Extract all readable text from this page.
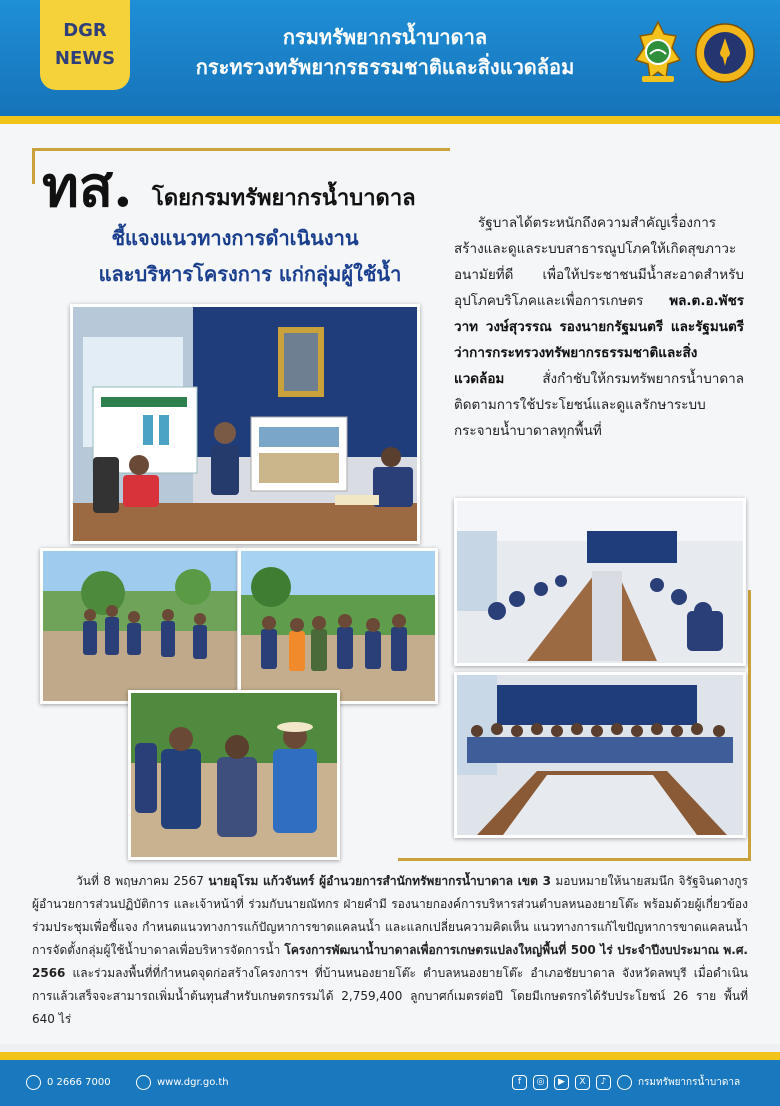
DGR
NEWS
กรมทรัพยากรน้ำบาดาล
กระทรวงทรัพยากรธรรมชาติและสิ่งแวดล้อม
ทส. โดยกรมทรัพยากรน้ำบาดาล
ชี้แจงแนวทางการดำเนินงาน
และบริหารโครงการ แก่กลุ่มผู้ใช้น้ำ
รัฐบาลได้ตระหนักถึงความสำคัญเรื่องการสร้างและดูแลระบบสาธารณูปโภคให้เกิดสุขภาวะอนามัยที่ดี เพื่อให้ประชาชนมีน้ำสะอาดสำหรับอุปโภคบริโภคและเพื่อการเกษตร พล.ต.อ.พัชรวาท วงษ์สุวรรณ รองนายกรัฐมนตรี และรัฐมนตรีว่าการกระทรวงทรัพยากรธรรมชาติและสิ่งแวดล้อม	สั่งกำชับให้กรมทรัพยากรน้ำบาดาล ติดตามการใช้ประโยชน์และดูแลรักษาระบบกระจายน้ำบาดาลทุกพื้นที่
วันที่ 8 พฤษภาคม 2567 นายอุโรม แก้วจันทร์ ผู้อำนวยการสำนักทรัพยากรน้ำบาดาล เขต 3 มอบหมายให้นายสมนึก จิรัฐจินดางกูร ผู้อำนวยการส่วนปฏิบัติการ และเจ้าหน้าที่ ร่วมกับนายณัทกร ฝ่ายคำมี รองนายกองค์การบริหารส่วนตำบลหนองยายโต๊ะ พร้อมด้วยผู้เกี่ยวข้อง ร่วมประชุมเพื่อชี้แจง กำหนดแนวทางการแก้ปัญหาการขาดแคลนน้ำ และแลกเปลี่ยนความคิดเห็น แนวทางการแก้ไขปัญหาการขาดแคลนน้ำ การจัดตั้งกลุ่มผู้ใช้น้ำบาดาลเพื่อบริหารจัดการน้ำ โครงการพัฒนาน้ำบาดาลเพื่อการเกษตรแปลงใหญ่พื้นที่ 500 ไร่ ประจำปีงบประมาณ พ.ศ. 2566 และร่วมลงพื้นที่ที่กำหนดจุดก่อสร้างโครงการฯ ที่บ้านหนองยายโต๊ะ ตำบลหนองยายโต๊ะ อำเภอชัยบาดาล จังหวัดลพบุรี เมื่อดำเนินการแล้วเสร็จจะสามารถเพิ่มน้ำต้นทุนสำหรับเกษตรกรรมได้ 2,759,400 ลูกบาศก์เมตรต่อปี โดยมีเกษตรกรได้รับประโยชน์ 26 ราย พื้นที่ 640 ไร่
0 2666 7000	www.dgr.go.th	f	◎	▶	X	♪	กรมทรัพยากรน้ำบาดาล
